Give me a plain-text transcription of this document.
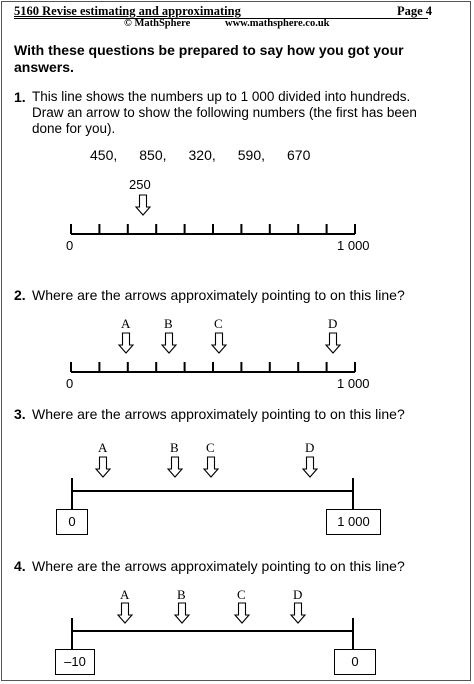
5160 Revise estimating and approximating	Page 4
© MathSphere	www.mathsphere.co.uk
With these questions be prepared to say how you got your answers.
1. This line shows the numbers up to 1 000 divided into hundreds. Draw an arrow to show the following numbers (the first has been done for you).
450, 850, 320, 590, 670
2. Where are the arrows approximately pointing to on this line?
3. Where are the arrows approximately pointing to on this line?
4. Where are the arrows approximately pointing to on this line?
250
0	1 000
A	B	C	D
0	1 000
A	B C	D
0	1 000
A	B	C	D
–10	0
